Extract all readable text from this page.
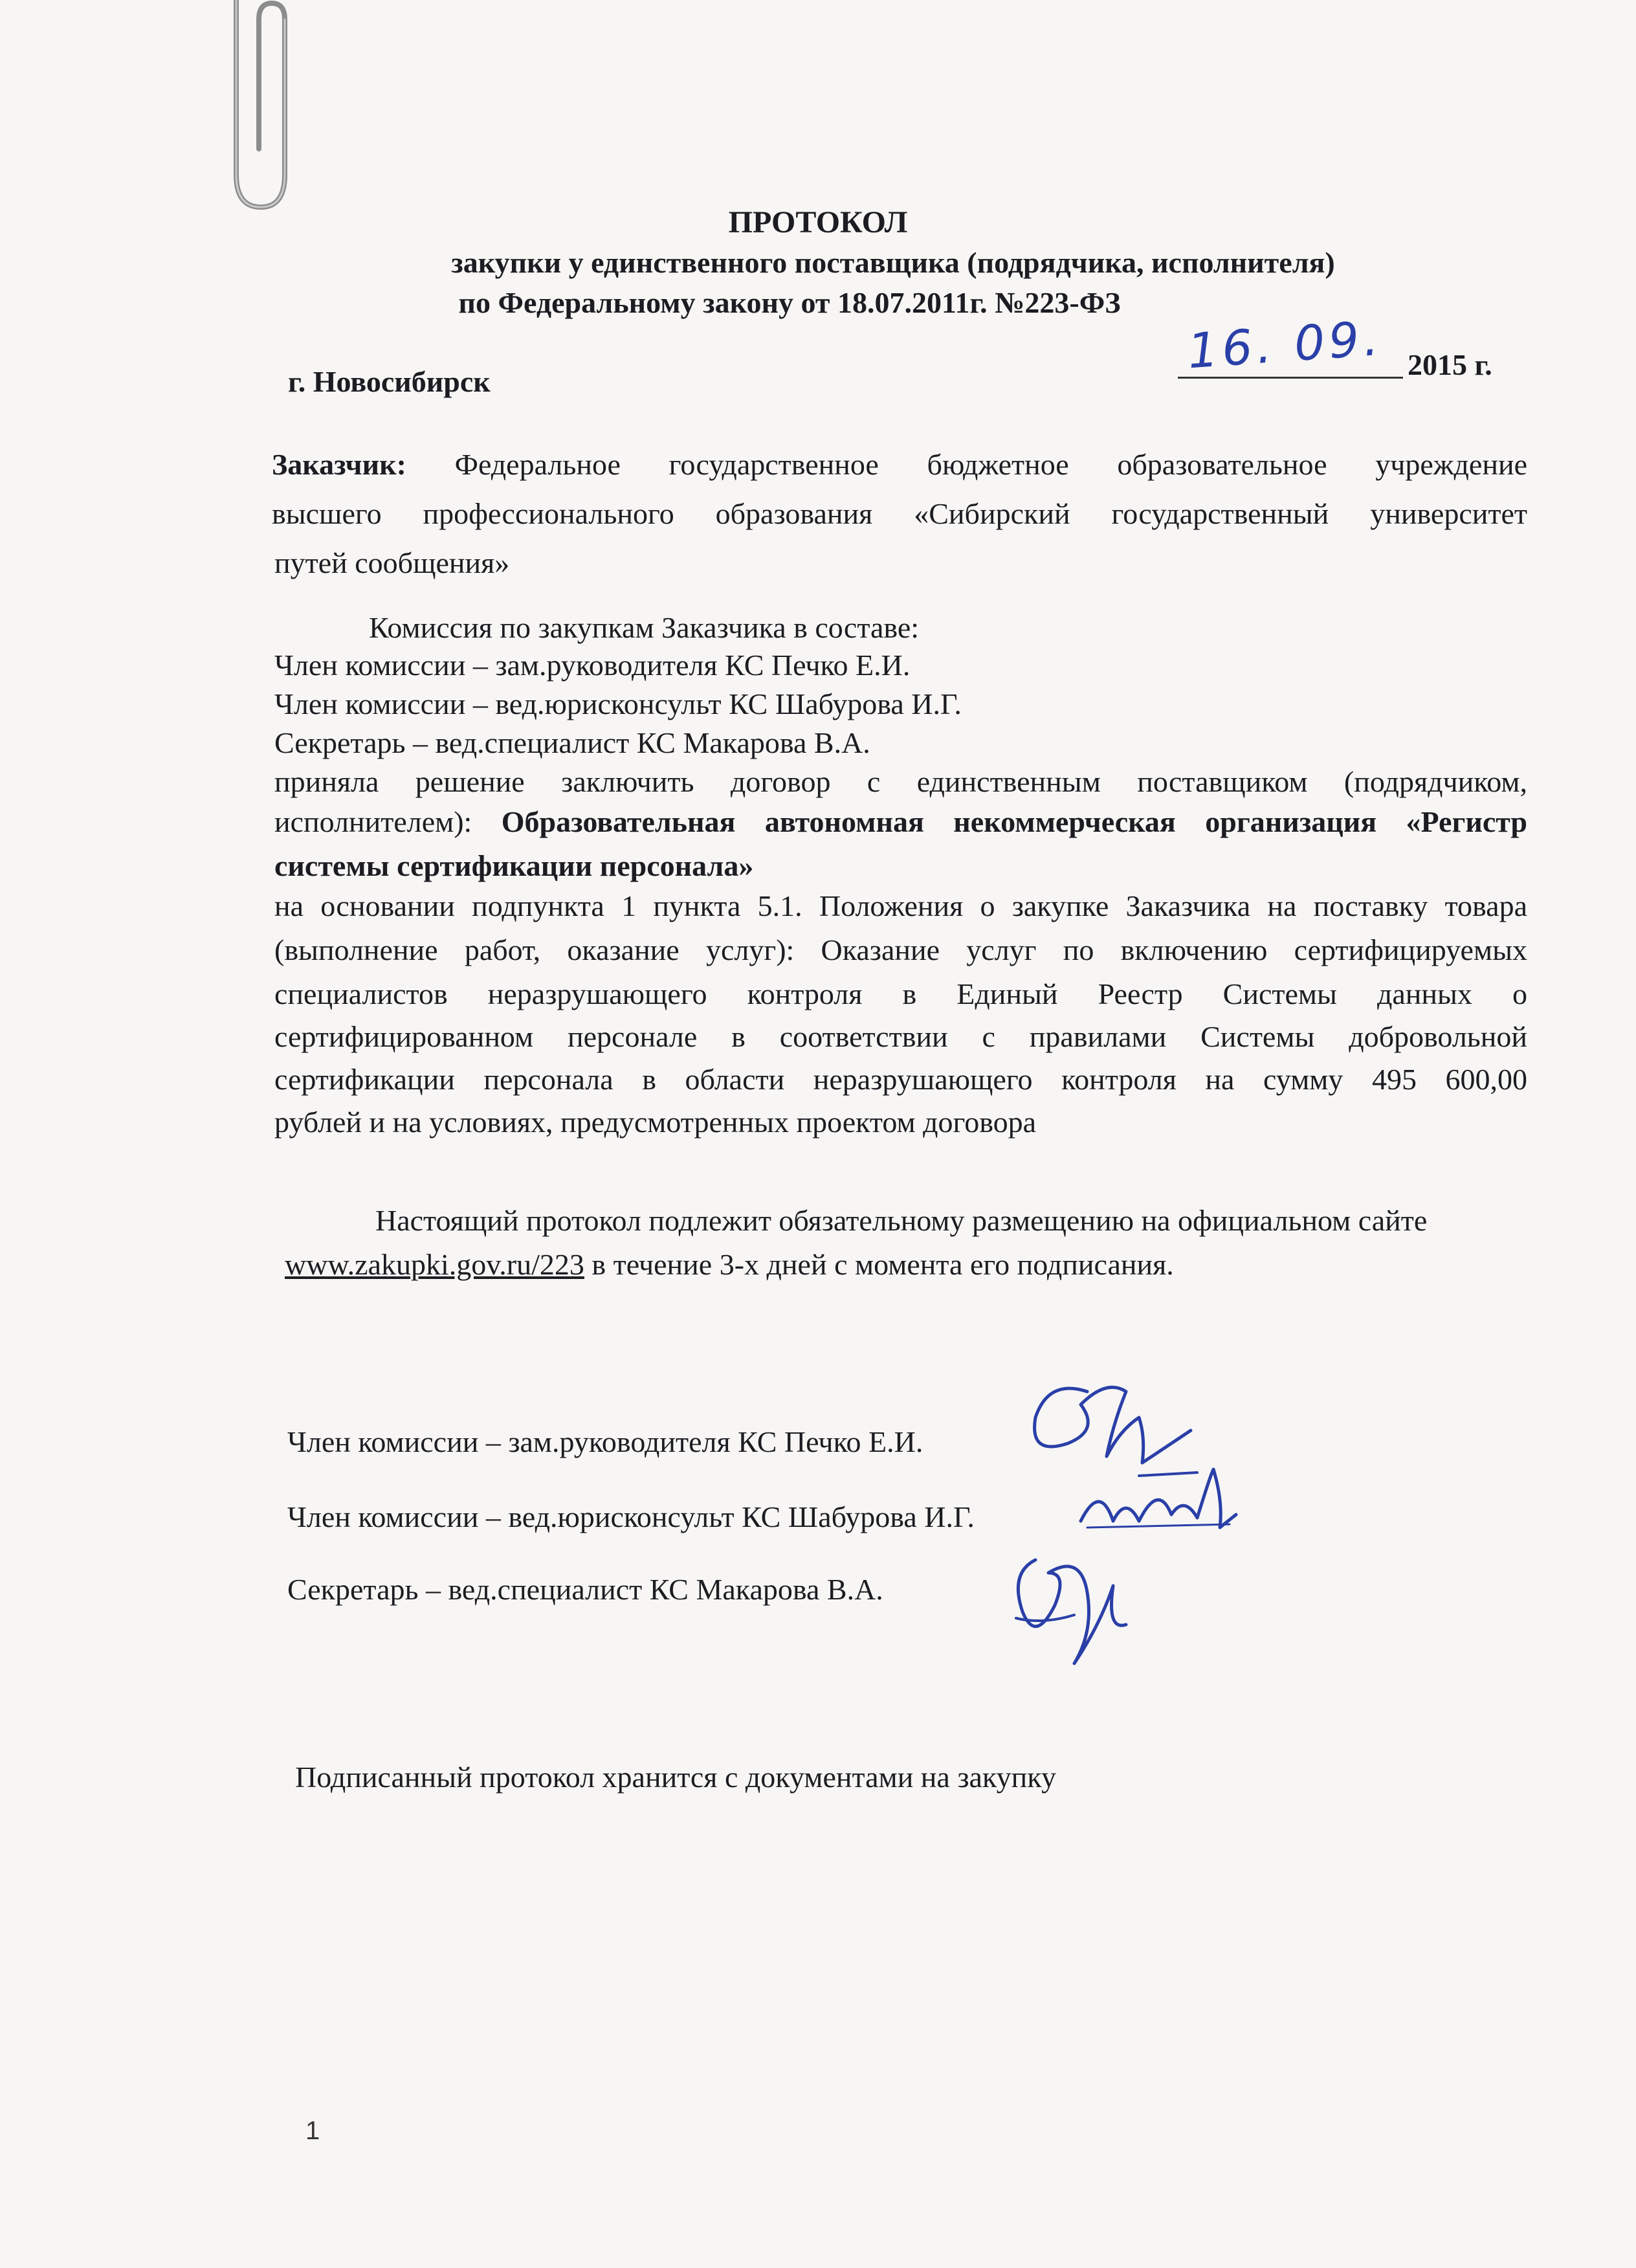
ПРОТОКОЛ
закупки у единственного поставщика (подрядчика, исполнителя)
по Федеральному закону от 18.07.2011г. №223-ФЗ
г. Новосибирск
16. 09. 2015 г.
Заказчик: Федеральное государственное бюджетное образовательное учреждение
высшего профессионального образования «Сибирский государственный университет
путей сообщения»
Комиссия по закупкам Заказчика в составе:
Член комиссии – зам.руководителя КС Печко Е.И.
Член комиссии – вед.юрисконсульт КС Шабурова И.Г.
Секретарь – вед.специалист КС Макарова В.А.
приняла решение заключить договор с единственным поставщиком (подрядчиком,
исполнителем): Образовательная автономная некоммерческая организация «Регистр
системы сертификации персонала»
на основании подпункта 1 пункта 5.1. Положения о закупке Заказчика на поставку товара
(выполнение работ, оказание услуг): Оказание услуг по включению сертифицируемых
специалистов неразрушающего контроля в Единый Реестр Системы данных о
сертифицированном персонале в соответствии с правилами Системы добровольной
сертификации персонала в области неразрушающего контроля на сумму 495 600,00
рублей и на условиях, предусмотренных проектом договора
Настоящий протокол подлежит обязательному размещению на официальном сайте
www.zakupki.gov.ru/223 в течение 3-х дней с момента его подписания.
Член комиссии – зам.руководителя КС Печко Е.И.
Член комиссии – вед.юрисконсульт КС Шабурова И.Г.
Секретарь – вед.специалист КС Макарова В.А.
Подписанный протокол хранится с документами на закупку
1
